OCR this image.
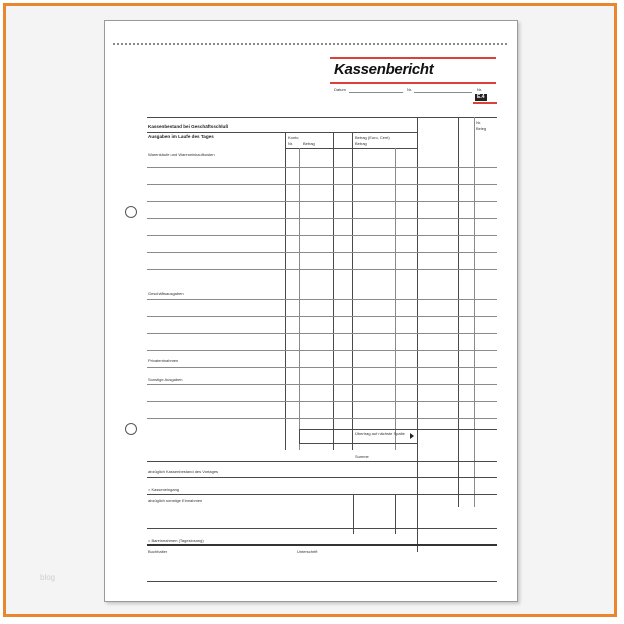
Kassenbericht
Datum	Nr.	Nr.
E.4
Kassenbestand bei Geschäftsschluß
Ausgaben im Laufe des Tages
Nr.
Beleg
Konto
Nr. Betrag
Betrag (Euro, Cent)
Betrag
Warenkäufe und Wareneinkaufkosten
Geschäftsausgaben
Privatentnahmen
Sonstige Ausgaben
Übertrag auf nächste Spalte
Summe
abzüglich Kassenbestand des Vortages
= Kasseneingang
abzüglich sonstige Einnahmen
= Bareinnahmen (Tageslosung)
Buchhalter	Unterschrift
blog
